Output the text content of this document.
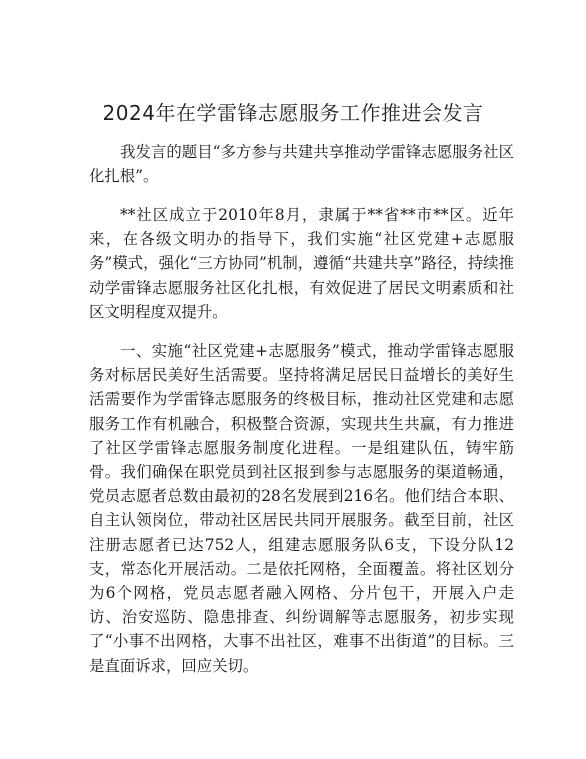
2024年在学雷锋志愿服务工作推进会发言

我发言的题目“多方参与共建共享推动学雷锋志愿服务社区化扎根”。

**社区成立于2010年8月，隶属于**省**市**区。近年来，在各级文明办的指导下，我们实施“社区党建+志愿服务”模式，强化“三方协同”机制，遵循“共建共享”路径，持续推动学雷锋志愿服务社区化扎根，有效促进了居民文明素质和社区文明程度双提升。

一、实施“社区党建+志愿服务”模式，推动学雷锋志愿服务对标居民美好生活需要。坚持将满足居民日益增长的美好生活需要作为学雷锋志愿服务的终极目标，推动社区党建和志愿服务工作有机融合，积极整合资源，实现共生共赢，有力推进了社区学雷锋志愿服务制度化进程。一是组建队伍，铸牢筋骨。我们确保在职党员到社区报到参与志愿服务的渠道畅通，党员志愿者总数由最初的28名发展到216名。他们结合本职、自主认领岗位，带动社区居民共同开展服务。截至目前，社区注册志愿者已达752人，组建志愿服务队6支，下设分队12支，常态化开展活动。二是依托网格，全面覆盖。将社区划分为6个网格，党员志愿者融入网格、分片包干，开展入户走访、治安巡防、隐患排查、纠纷调解等志愿服务，初步实现了“小事不出网格，大事不出社区，难事不出街道”的目标。三是直面诉求，回应关切。
